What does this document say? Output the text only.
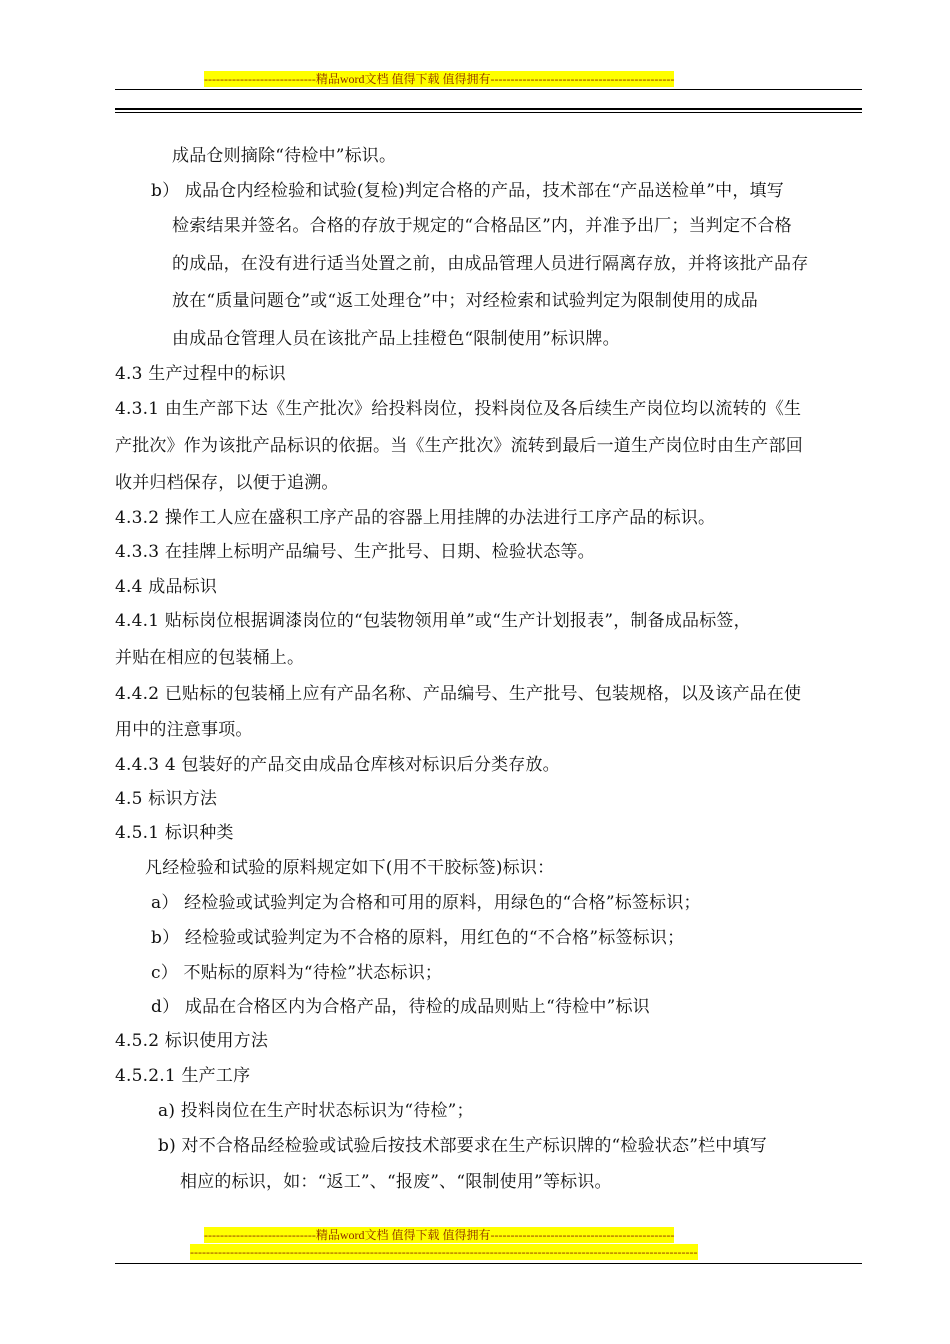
----------------------------精品word文档 值得下载 值得拥有----------------------------------------------
成品仓则摘除“待检中”标识。
b） 成品仓内经检验和试验(复检)判定合格的产品，技术部在“产品送检单”中，填写
检索结果并签名。合格的存放于规定的“合格品区”内，并准予出厂；当判定不合格
的成品，在没有进行适当处置之前，由成品管理人员进行隔离存放，并将该批产品存
放在“质量问题仓”或“返工处理仓”中；对经检索和试验判定为限制使用的成品
由成品仓管理人员在该批产品上挂橙色“限制使用”标识牌。
4.3 生产过程中的标识
4.3.1 由生产部下达《生产批次》给投料岗位，投料岗位及各后续生产岗位均以流转的《生
产批次》作为该批产品标识的依据。当《生产批次》流转到最后一道生产岗位时由生产部回
收并归档保存，以便于追溯。
4.3.2 操作工人应在盛积工序产品的容器上用挂牌的办法进行工序产品的标识。
4.3.3 在挂牌上标明产品编号、生产批号、日期、检验状态等。
4.4 成品标识
4.4.1 贴标岗位根据调漆岗位的“包装物领用单”或“生产计划报表”，制备成品标签，
并贴在相应的包装桶上。
4.4.2 已贴标的包装桶上应有产品名称、产品编号、生产批号、包装规格，以及该产品在使
用中的注意事项。
4.4.3 4 包装好的产品交由成品仓库核对标识后分类存放。
4.5 标识方法
4.5.1 标识种类
凡经检验和试验的原料规定如下(用不干胶标签)标识：
a） 经检验或试验判定为合格和可用的原料，用绿色的“合格”标签标识；
b） 经检验或试验判定为不合格的原料，用红色的“不合格”标签标识；
c） 不贴标的原料为“待检”状态标识；
d） 成品在合格区内为合格产品，待检的成品则贴上“待检中”标识
4.5.2 标识使用方法
4.5.2.1 生产工序
a) 投料岗位在生产时状态标识为“待检”；
b) 对不合格品经检验或试验后按技术部要求在生产标识牌的“检验状态”栏中填写
相应的标识，如：“返工”、“报废”、“限制使用”等标识。
----------------------------精品word文档 值得下载 值得拥有----------------------------------------------
-------------------------------------------------------------------------------------------------------------------------------
